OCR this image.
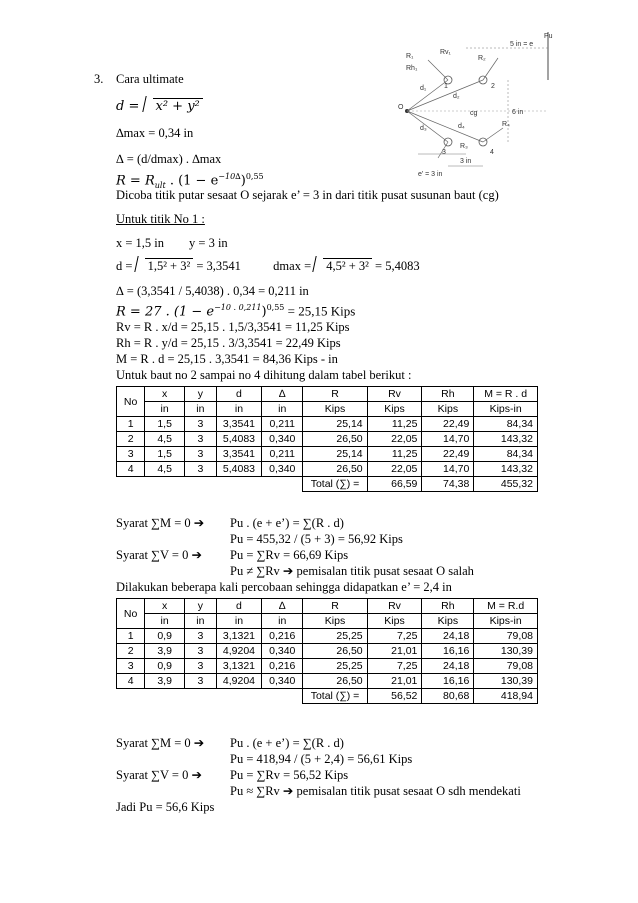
Pu
5 in = e
R₁
Rv₁
R₂
Rh₁
d₁
d₂
1	2
O
cg	6 in
d₃	d₄	R₄
R₃
3	4
3 in
e’ = 3 in
3. Cara ultimate
d = x² + y²
∆max = 0,34 in
∆ = (d/dmax) . ∆max
$R = R_{ult}$ . $(1 - e^{-10\Delta})^{0,55}$
Dicoba titik putar sesaat O sejarak e’ = 3 in dari titik pusat susunan baut (cg)
Untuk titik No 1 :
x = 1,5 in        y = 3 in
d = 1,5² + 3² = 3,3541	dmax = 4,5² + 3² = 5,4083
∆ = (3,3541 / 5,4038) . 0,34 = 0,211 in
R = 27 . $(1 - e^{-10 . 0,211})^{0,55} = 25,15$ Kips
Rv = R . x/d = 25,15 . 1,5/3,3541 = 11,25 Kips
Rh = R . y/d = 25,15 . 3/3,3541 = 22,49 Kips
M = R . d = 25,15 . 3,3541 = 84,36 Kips - in
Untuk baut no 2 sampai no 4 dihitung dalam tabel berikut :
No	x	y	d	∆	R	Rv	Rh	M = R . d
	in	in	in	in	Kips	Kips	Kips	Kips-in
1	1,5	3	3,3541	0,211	25,14	11,25	22,49	84,34
2	4,5	3	5,4083	0,340	26,50	22,05	14,70	143,32
3	1,5	3	3,3541	0,211	25,14	11,25	22,49	84,34
4	4,5	3	5,4083	0,340	26,50	22,05	14,70	143,32
					Total (∑) =	66,59	74,38	455,32
Syarat ∑M = 0 ➔ Pu . (e + e’) = ∑(R . d)
Pu = 455,32 / (5 + 3) = 56,92 Kips
Syarat ∑V = 0 ➔ Pu = ∑Rv = 66,69 Kips
Pu ≠ ∑Rv ➔ pemisalan titik pusat sesaat O salah
Dilakukan beberapa kali percobaan sehingga didapatkan e’ = 2,4 in
No	x	y	d	∆	R	Rv	Rh	M = R.d
	in	in	in	in	Kips	Kips	Kips	Kips-in
1	0,9	3	3,1321	0,216	25,25	7,25	24,18	79,08
2	3,9	3	4,9204	0,340	26,50	21,01	16,16	130,39
3	0,9	3	3,1321	0,216	25,25	7,25	24,18	79,08
4	3,9	3	4,9204	0,340	26,50	21,01	16,16	130,39
					Total (∑) =	56,52	80,68	418,94
Syarat ∑M = 0 ➔ Pu . (e + e’) = ∑(R . d)
Pu = 418,94 / (5 + 2,4) = 56,61 Kips
Syarat ∑V = 0 ➔ Pu = ∑Rv = 56,52 Kips
Pu ≈ ∑Rv ➔ pemisalan titik pusat sesaat O sdh mendekati
Jadi Pu = 56,6 Kips
